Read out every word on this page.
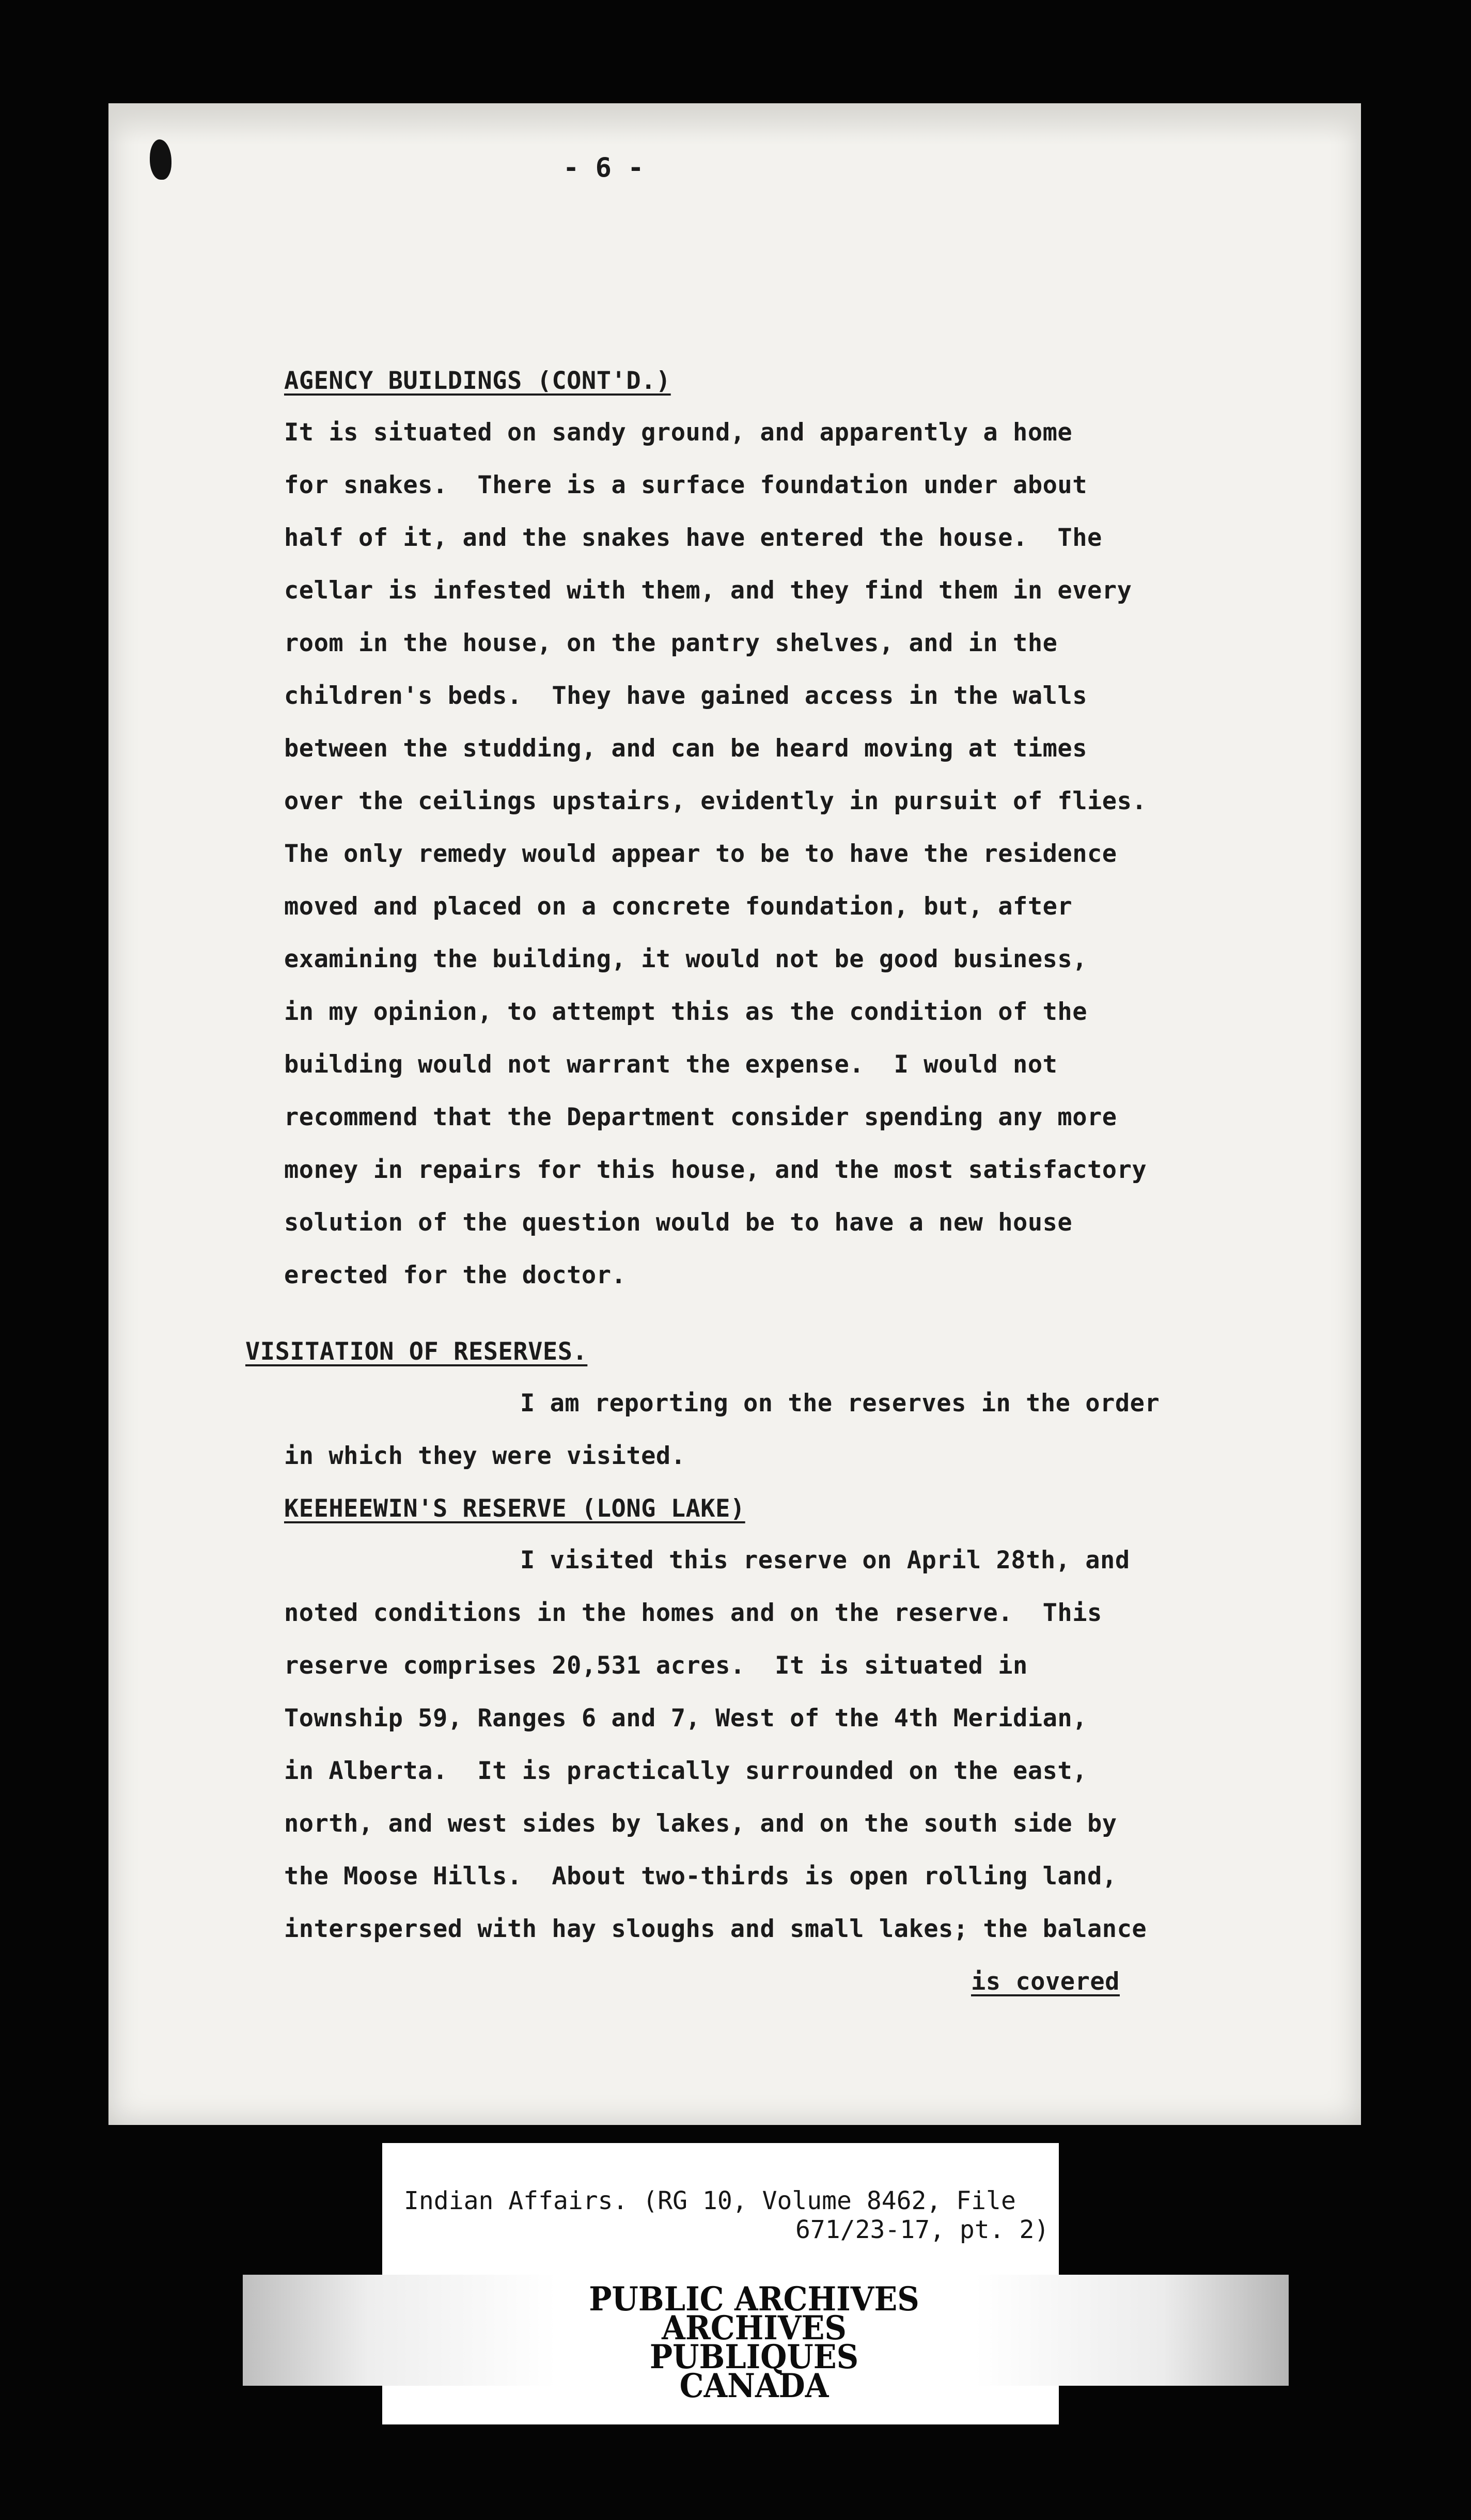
- 6 -
AGENCY BUILDINGS (CONT'D.)
It is situated on sandy ground, and apparently a home
for snakes.  There is a surface foundation under about
half of it, and the snakes have entered the house.  The
cellar is infested with them, and they find them in every
room in the house, on the pantry shelves, and in the
children's beds.  They have gained access in the walls
between the studding, and can be heard moving at times
over the ceilings upstairs, evidently in pursuit of flies.
The only remedy would appear to be to have the residence
moved and placed on a concrete foundation, but, after
examining the building, it would not be good business,
in my opinion, to attempt this as the condition of the
building would not warrant the expense.  I would not
recommend that the Department consider spending any more
money in repairs for this house, and the most satisfactory
solution of the question would be to have a new house
erected for the doctor.
VISITATION OF RESERVES.
I am reporting on the reserves in the order
in which they were visited.
KEEHEEWIN'S RESERVE (LONG LAKE)
I visited this reserve on April 28th, and
noted conditions in the homes and on the reserve.  This
reserve comprises 20,531 acres.  It is situated in
Township 59, Ranges 6 and 7, West of the 4th Meridian,
in Alberta.  It is practically surrounded on the east,
north, and west sides by lakes, and on the south side by
the Moose Hills.  About two-thirds is open rolling land,
interspersed with hay sloughs and small lakes; the balance
is covered
Indian Affairs. (RG 10, Volume 8462, File
671/23-17, pt. 2)
PUBLIC ARCHIVES
ARCHIVES PUBLIQUES
CANADA
